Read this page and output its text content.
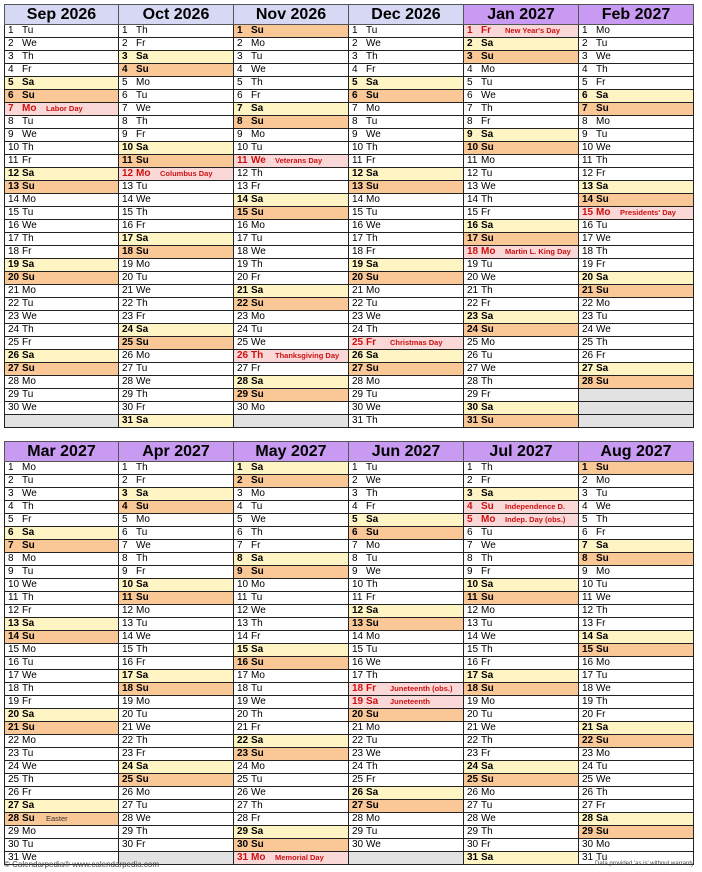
Sep 2026
1 Tu
2 We
3 Th
4 Fr
5 Sa
6 Su
7 Mo Labor Day
8 Tu
9 We
10 Th
11 Fr
12 Sa
13 Su
14 Mo
15 Tu
16 We
17 Th
18 Fr
19 Sa
20 Su
21 Mo
22 Tu
23 We
24 Th
25 Fr
26 Sa
27 Su
28 Mo
29 Tu
30 We
Oct 2026
1 Th
2 Fr
3 Sa
4 Su
5 Mo
6 Tu
7 We
8 Th
9 Fr
10 Sa
11 Su
12 Mo Columbus Day
13 Tu
14 We
15 Th
16 Fr
17 Sa
18 Su
19 Mo
20 Tu
21 We
22 Th
23 Fr
24 Sa
25 Su
26 Mo
27 Tu
28 We
29 Th
30 Fr
31 Sa
Nov 2026
1 Su
2 Mo
3 Tu
4 We
5 Th
6 Fr
7 Sa
8 Su
9 Mo
10 Tu
11 We Veterans Day
12 Th
13 Fr
14 Sa
15 Su
16 Mo
17 Tu
18 We
19 Th
20 Fr
21 Sa
22 Su
23 Mo
24 Tu
25 We
26 Th Thanksgiving Day
27 Fr
28 Sa
29 Su
30 Mo
Dec 2026
1 Tu
2 We
3 Th
4 Fr
5 Sa
6 Su
7 Mo
8 Tu
9 We
10 Th
11 Fr
12 Sa
13 Su
14 Mo
15 Tu
16 We
17 Th
18 Fr
19 Sa
20 Su
21 Mo
22 Tu
23 We
24 Th
25 Fr Christmas Day
26 Sa
27 Su
28 Mo
29 Tu
30 We
31 Th
Jan 2027
1 Fr New Year's Day
2 Sa
3 Su
4 Mo
5 Tu
6 We
7 Th
8 Fr
9 Sa
10 Su
11 Mo
12 Tu
13 We
14 Th
15 Fr
16 Sa
17 Su
18 Mo Martin L. King Day
19 Tu
20 We
21 Th
22 Fr
23 Sa
24 Su
25 Mo
26 Tu
27 We
28 Th
29 Fr
30 Sa
31 Su
Feb 2027
1 Mo
2 Tu
3 We
4 Th
5 Fr
6 Sa
7 Su
8 Mo
9 Tu
10 We
11 Th
12 Fr
13 Sa
14 Su
15 Mo Presidents' Day
16 Tu
17 We
18 Th
19 Fr
20 Sa
21 Su
22 Mo
23 Tu
24 We
25 Th
26 Fr
27 Sa
28 Su
Mar 2027
1 Mo
2 Tu
3 We
4 Th
5 Fr
6 Sa
7 Su
8 Mo
9 Tu
10 We
11 Th
12 Fr
13 Sa
14 Su
15 Mo
16 Tu
17 We
18 Th
19 Fr
20 Sa
21 Su
22 Mo
23 Tu
24 We
25 Th
26 Fr
27 Sa
28 Su Easter
29 Mo
30 Tu
31 We
Apr 2027
1 Th
2 Fr
3 Sa
4 Su
5 Mo
6 Tu
7 We
8 Th
9 Fr
10 Sa
11 Su
12 Mo
13 Tu
14 We
15 Th
16 Fr
17 Sa
18 Su
19 Mo
20 Tu
21 We
22 Th
23 Fr
24 Sa
25 Su
26 Mo
27 Tu
28 We
29 Th
30 Fr
May 2027
1 Sa
2 Su
3 Mo
4 Tu
5 We
6 Th
7 Fr
8 Sa
9 Su
10 Mo
11 Tu
12 We
13 Th
14 Fr
15 Sa
16 Su
17 Mo
18 Tu
19 We
20 Th
21 Fr
22 Sa
23 Su
24 Mo
25 Tu
26 We
27 Th
28 Fr
29 Sa
30 Su
31 Mo Memorial Day
Jun 2027
1 Tu
2 We
3 Th
4 Fr
5 Sa
6 Su
7 Mo
8 Tu
9 We
10 Th
11 Fr
12 Sa
13 Su
14 Mo
15 Tu
16 We
17 Th
18 Fr Juneteenth (obs.)
19 Sa Juneteenth
20 Su
21 Mo
22 Tu
23 We
24 Th
25 Fr
26 Sa
27 Su
28 Mo
29 Tu
30 We
Jul 2027
1 Th
2 Fr
3 Sa
4 Su Independence D.
5 Mo Indep. Day (obs.)
6 Tu
7 We
8 Th
9 Fr
10 Sa
11 Su
12 Mo
13 Tu
14 We
15 Th
16 Fr
17 Sa
18 Su
19 Mo
20 Tu
21 We
22 Th
23 Fr
24 Sa
25 Su
26 Mo
27 Tu
28 We
29 Th
30 Fr
31 Sa
Aug 2027
1 Su
2 Mo
3 Tu
4 We
5 Th
6 Fr
7 Sa
8 Su
9 Mo
10 Tu
11 We
12 Th
13 Fr
14 Sa
15 Su
16 Mo
17 Tu
18 We
19 Th
20 Fr
21 Sa
22 Su
23 Mo
24 Tu
25 We
26 Th
27 Fr
28 Sa
29 Su
30 Mo
31 Tu
© Calendarpedia® www.calendarpedia.com	Data provided 'as is' without warranty
